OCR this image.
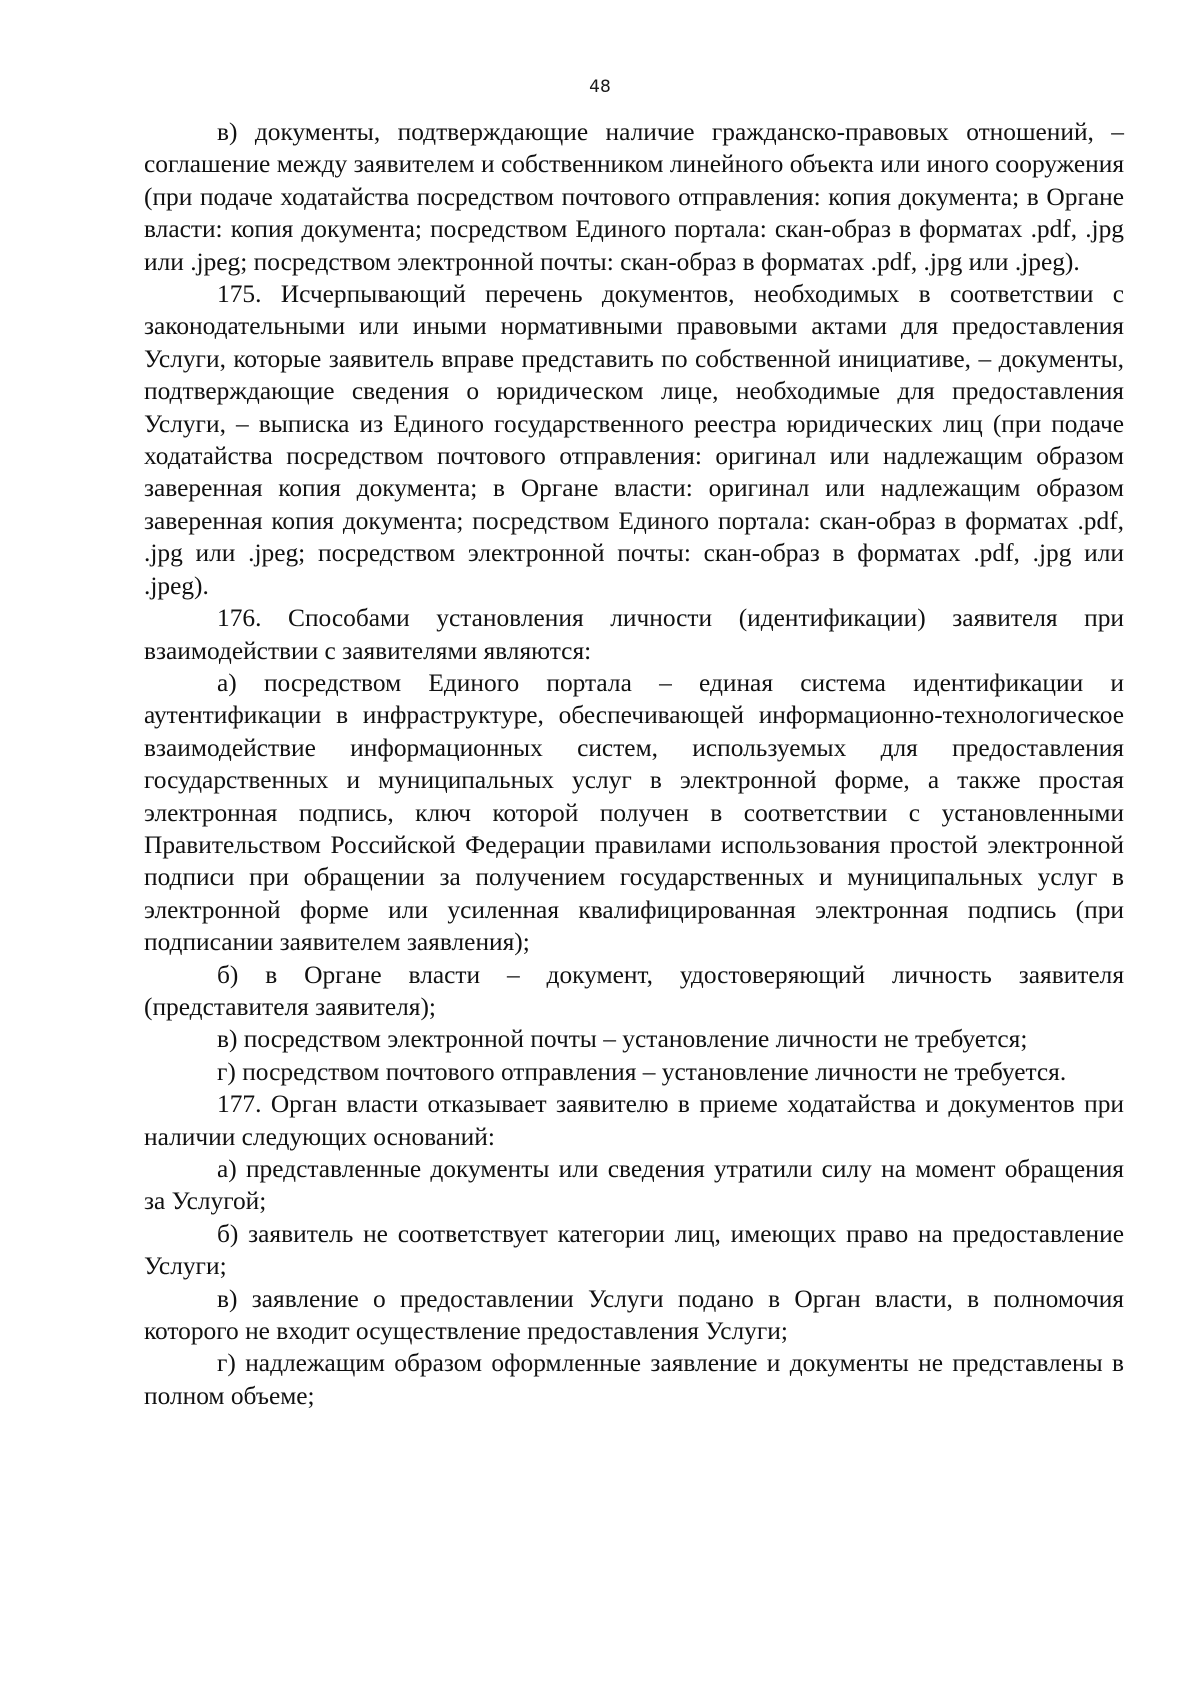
48

в) документы, подтверждающие наличие гражданско-правовых отношений, – соглашение между заявителем и собственником линейного объекта или иного сооружения (при подаче ходатайства посредством почтового отправления: копия документа; в Органе власти: копия документа; посредством Единого портала: скан-образ в форматах .pdf, .jpg или .jpeg; посредством электронной почты: скан-образ в форматах .pdf, .jpg или .jpeg).

175. Исчерпывающий перечень документов, необходимых в соответствии с законодательными или иными нормативными правовыми актами для предоставления Услуги, которые заявитель вправе представить по собственной инициативе, – документы, подтверждающие сведения о юридическом лице, необходимые для предоставления Услуги, – выписка из Единого государственного реестра юридических лиц (при подаче ходатайства посредством почтового отправления: оригинал или надлежащим образом заверенная копия документа; в Органе власти: оригинал или надлежащим образом заверенная копия документа; посредством Единого портала: скан-образ в форматах .pdf, .jpg или .jpeg; посредством электронной почты: скан-образ в форматах .pdf, .jpg или .jpeg).

176. Способами установления личности (идентификации) заявителя при взаимодействии с заявителями являются:

а) посредством Единого портала – единая система идентификации и аутентификации в инфраструктуре, обеспечивающей информационно-технологическое взаимодействие информационных систем, используемых для предоставления государственных и муниципальных услуг в электронной форме, а также простая электронная подпись, ключ которой получен в соответствии с установленными Правительством Российской Федерации правилами использования простой электронной подписи при обращении за получением государственных и муниципальных услуг в электронной форме или усиленная квалифицированная электронная подпись (при подписании заявителем заявления);

б) в Органе власти – документ, удостоверяющий личность заявителя (представителя заявителя);

в) посредством электронной почты – установление личности не требуется;

г) посредством почтового отправления – установление личности не требуется.

177. Орган власти отказывает заявителю в приеме ходатайства и документов при наличии следующих оснований:

а) представленные документы или сведения утратили силу на момент обращения за Услугой;

б) заявитель не соответствует категории лиц, имеющих право на предоставление Услуги;

в) заявление о предоставлении Услуги подано в Орган власти, в полномочия которого не входит осуществление предоставления Услуги;

г) надлежащим образом оформленные заявление и документы не представлены в полном объеме;
